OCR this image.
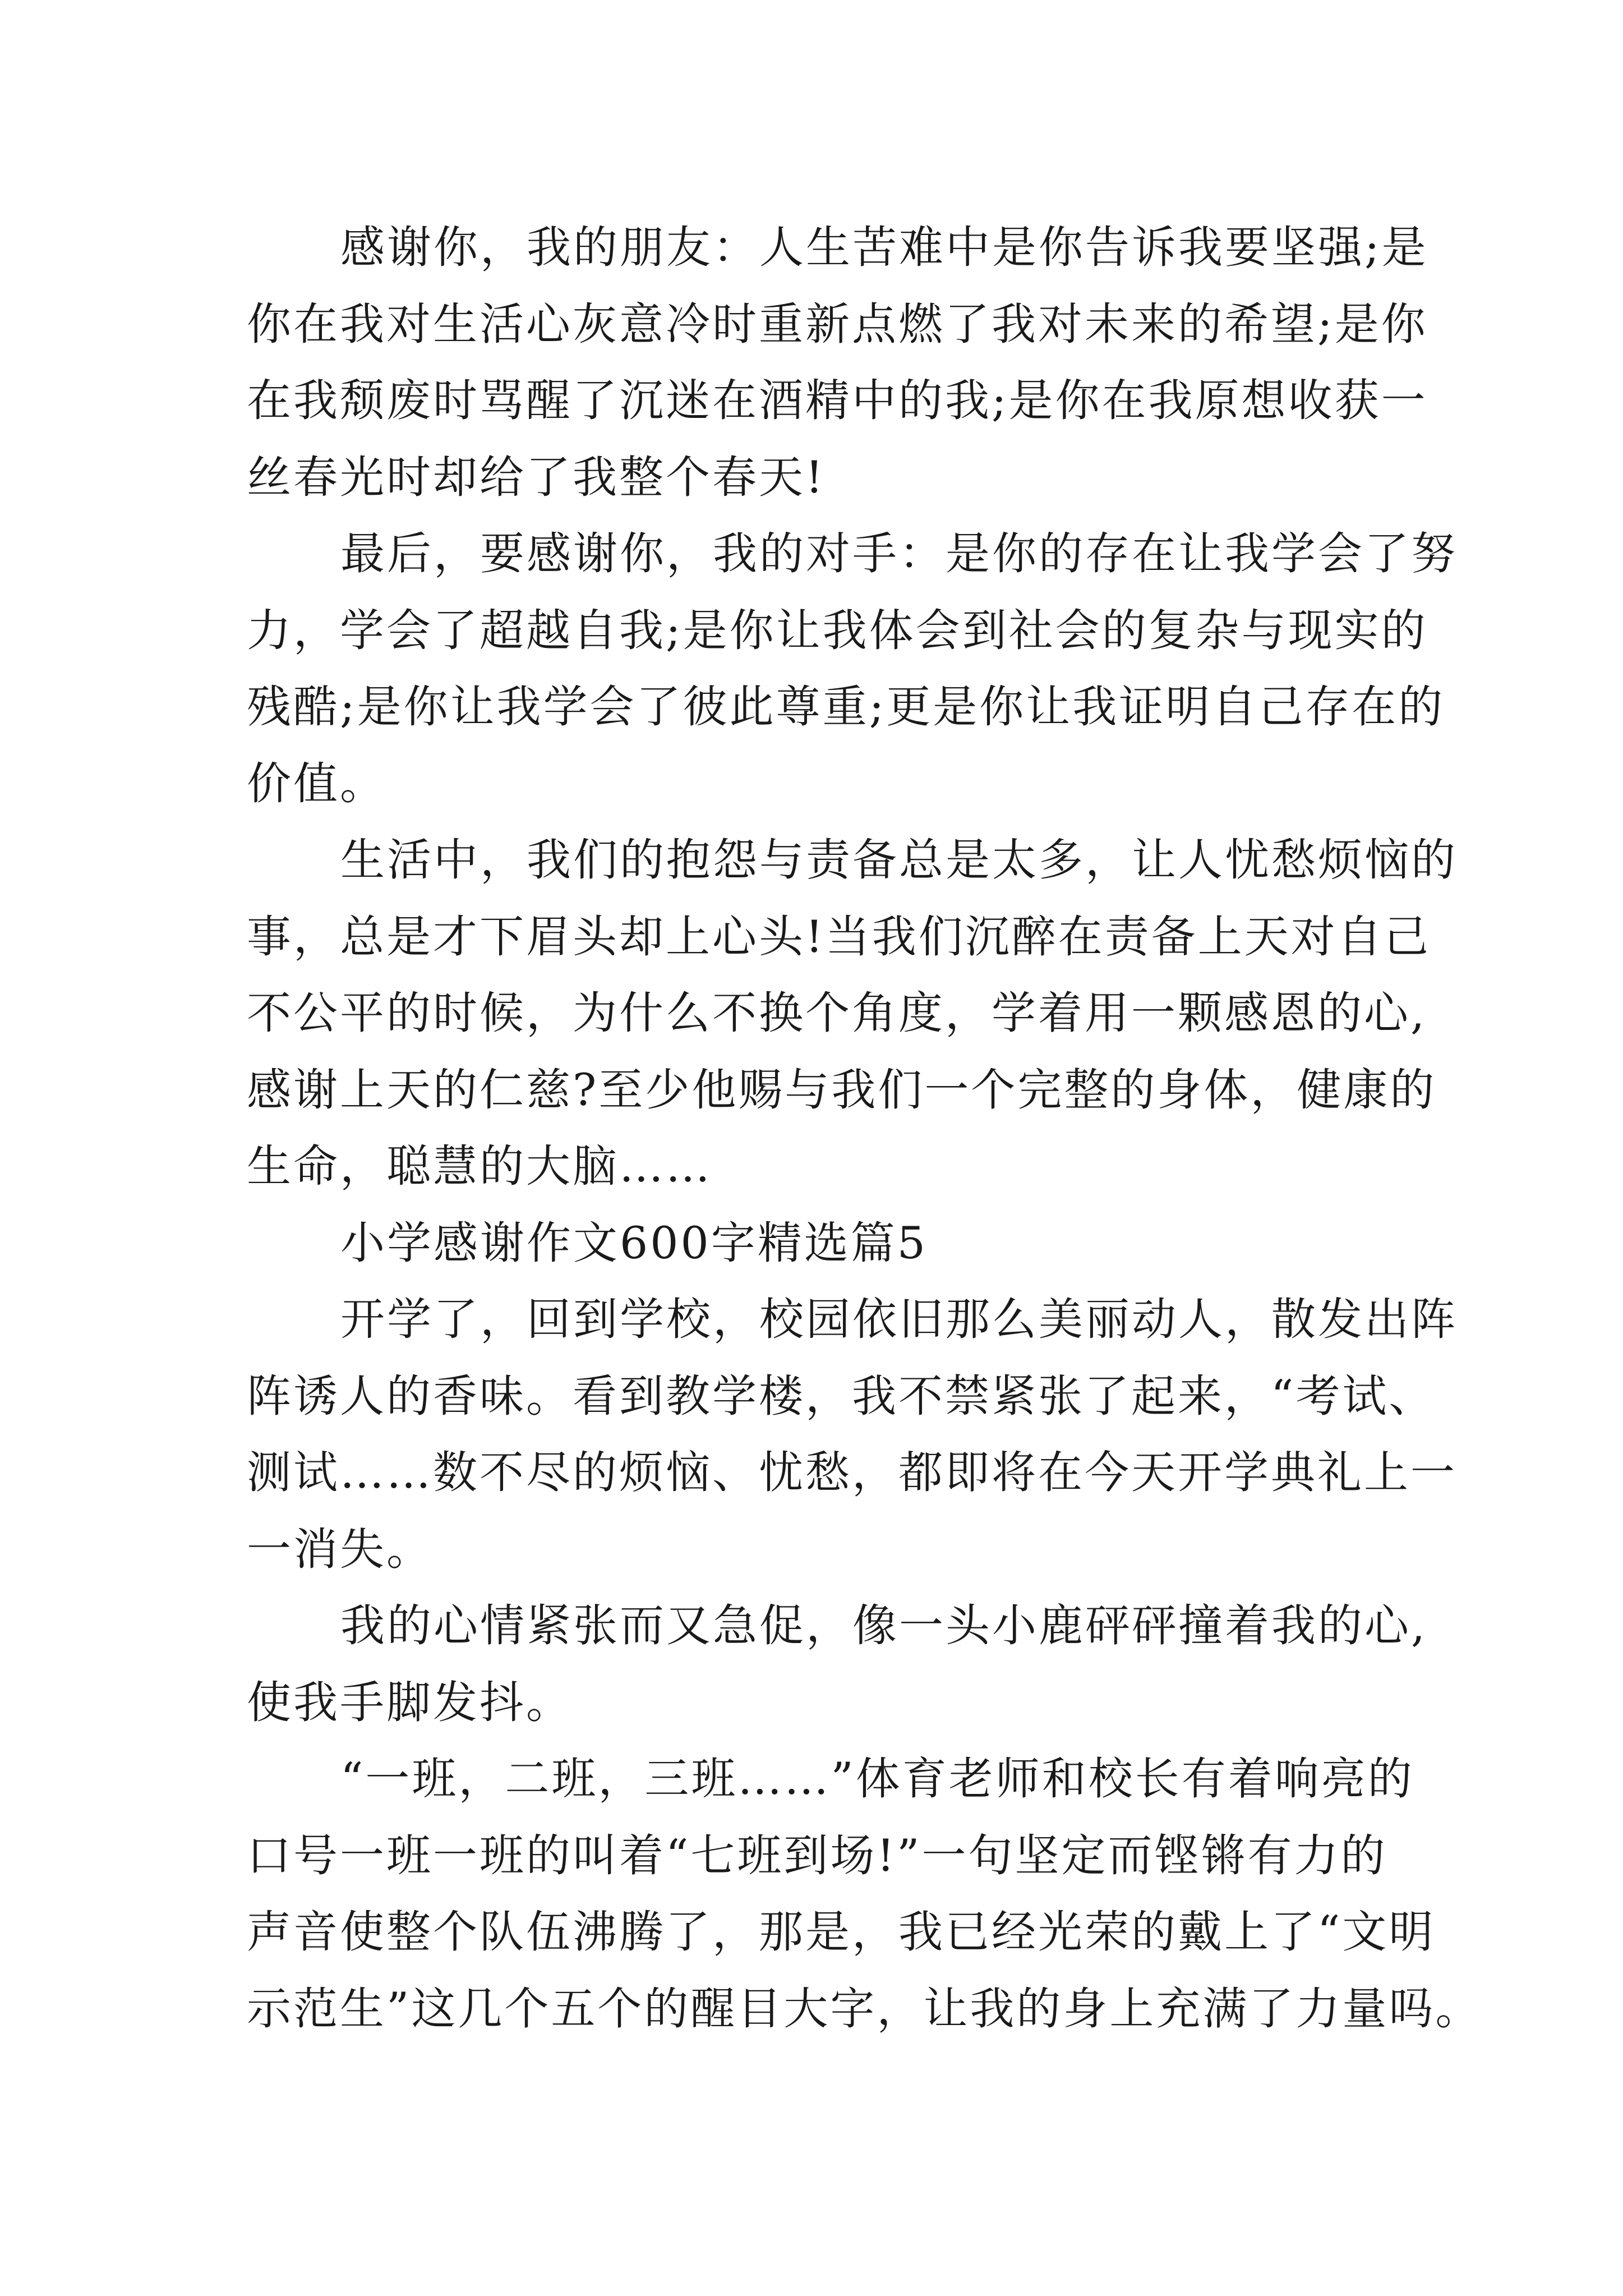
感谢你，我的朋友：人生苦难中是你告诉我要坚强;是
你在我对生活心灰意冷时重新点燃了我对未来的希望;是你
在我颓废时骂醒了沉迷在酒精中的我;是你在我原想收获一
丝春光时却给了我整个春天!
最后，要感谢你，我的对手：是你的存在让我学会了努
力，学会了超越自我;是你让我体会到社会的复杂与现实的
残酷;是你让我学会了彼此尊重;更是你让我证明自己存在的
价值。
生活中，我们的抱怨与责备总是太多，让人忧愁烦恼的
事，总是才下眉头却上心头!当我们沉醉在责备上天对自己
不公平的时候，为什么不换个角度，学着用一颗感恩的心,
感谢上天的仁慈?至少他赐与我们一个完整的身体，健康的
生命，聪慧的大脑……
小学感谢作文600字精选篇5
开学了，回到学校，校园依旧那么美丽动人，散发出阵
阵诱人的香味。看到教学楼，我不禁紧张了起来，“考试、
测试……数不尽的烦恼、忧愁，都即将在今天开学典礼上一
一消失。
我的心情紧张而又急促，像一头小鹿砰砰撞着我的心,
使我手脚发抖。
“一班，二班，三班……”体育老师和校长有着响亮的
口号一班一班的叫着“七班到场!”一句坚定而铿锵有力的
声音使整个队伍沸腾了，那是，我已经光荣的戴上了“文明
示范生”这几个五个的醒目大字，让我的身上充满了力量吗。
